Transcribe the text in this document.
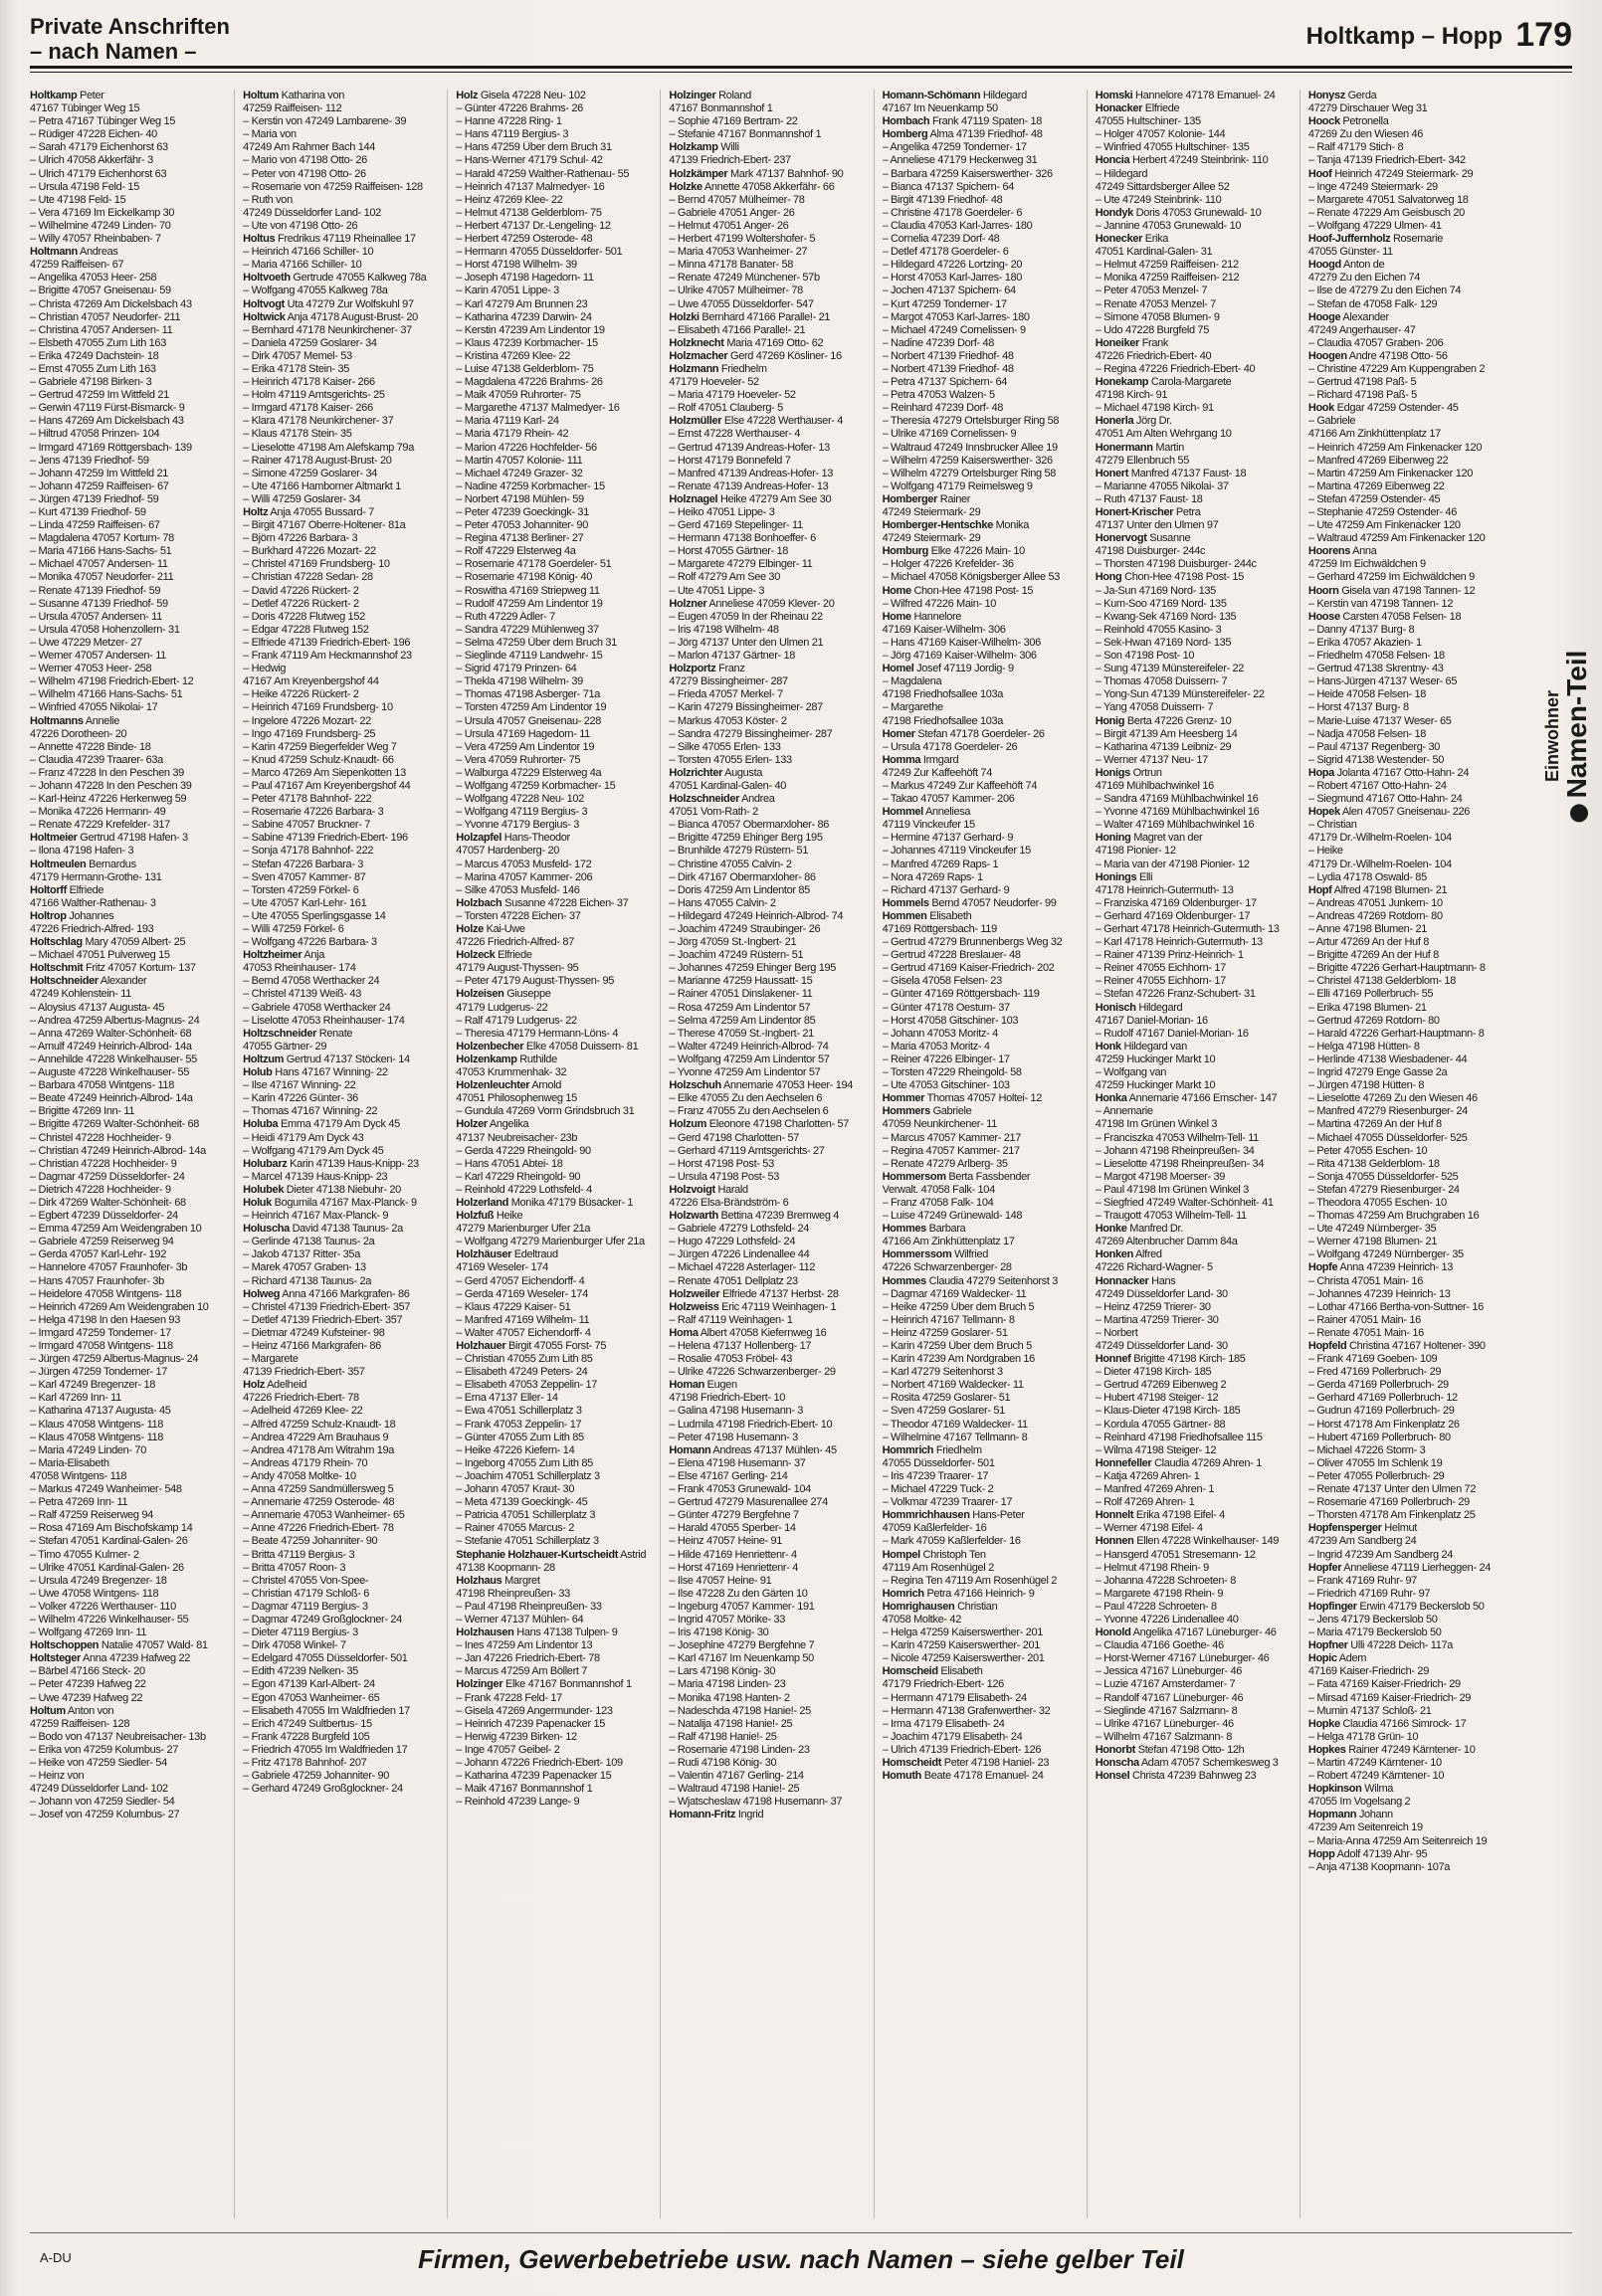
Private Anschriften
– nach Namen –
Holtkamp – Hopp 179
Holtkamp Peter
47167 Tübinger Weg 15
– Petra 47167 Tübinger Weg 15
– Rüdiger 47228 Eichen- 40
– Sarah 47179 Eichenhorst 63
– Ulrich 47058 Akkerfähr- 3
– Ulrich 47179 Eichenhorst 63
– Ursula 47198 Feld- 15
– Ute 47198 Feld- 15
– Vera 47169 Im Eickelkamp 30
– Wilhelmine 47249 Linden- 70
– Willy 47057 Rheinbaben- 7
Holtmann Andreas
47259 Raiffeisen- 67
– Angelika 47053 Heer- 258
– Brigitte 47057 Gneisenau- 59
– Christa 47269 Am Dickelsbach 43
– Christian 47057 Neudorfer- 211
– Christina 47057 Andersen- 11
– Elsbeth 47055 Zum Lith 163
– Erika 47249 Dachstein- 18
– Ernst 47055 Zum Lith 163
– Gabriele 47198 Birken- 3
– Gertrud 47259 Im Wittfeld 21
– Gerwin 47119 Fürst-Bismarck- 9
– Hans 47269 Am Dickelsbach 43
– Hiltrud 47058 Prinzen- 104
– Irmgard 47169 Röttgersbach- 139
– Jens 47139 Friedhof- 59
– Johann 47259 Im Wittfeld 21
– Johann 47259 Raiffeisen- 67
– Jürgen 47139 Friedhof- 59
– Kurt 47139 Friedhof- 59
– Linda 47259 Raiffeisen- 67
– Magdalena 47057 Kortum- 78
– Maria 47166 Hans-Sachs- 51
– Michael 47057 Andersen- 11
– Monika 47057 Neudorfer- 211
– Renate 47139 Friedhof- 59
– Susanne 47139 Friedhof- 59
– Ursula 47057 Andersen- 11
– Ursula 47058 Hohenzollern- 31
– Uwe 47229 Metzer- 27
– Werner 47057 Andersen- 11
– Werner 47053 Heer- 258
– Wilhelm 47198 Friedrich-Ebert- 12
– Wilhelm 47166 Hans-Sachs- 51
– Winfried 47055 Nikolai- 17
Holtmanns Annelie
47226 Dorotheen- 20
– Annette 47228 Binde- 18
– Claudia 47239 Traarer- 63a
– Franz 47228 In den Peschen 39
– Johann 47228 In den Peschen 39
– Karl-Heinz 47226 Herkenweg 59
– Monika 47226 Hermann- 49
– Renate 47229 Krefelder- 317
Holtmeier Gertrud 47198 Hafen- 3
– Ilona 47198 Hafen- 3
Holtmeulen Bernardus
47179 Hermann-Grothe- 131
Holtorff Elfriede
47166 Walther-Rathenau- 3
Holtrop Johannes
47226 Friedrich-Alfred- 193
Holtschlag Mary 47059 Albert- 25
– Michael 47051 Pulverweg 15
Holtschmit Fritz 47057 Kortum- 137
Holtschneider Alexander
47249 Kohlenstein- 11
– Aloysius 47137 Augusta- 45
– Andrea 47259 Albertus-Magnus- 24
– Anna 47269 Walter-Schönheit- 68
– Arnulf 47249 Heinrich-Albrod- 14a
– Annehilde 47228 Winkelhauser- 55
– Auguste 47228 Winkelhauser- 55
– Barbara 47058 Wintgens- 118
– Beate 47249 Heinrich-Albrod- 14a
– Brigitte 47269 Inn- 11
– Brigitte 47269 Walter-Schönheit- 68
– Christel 47228 Hochheider- 9
– Christian 47249 Heinrich-Albrod- 14a
– Christian 47228 Hochheider- 9
– Dagmar 47259 Düsseldorfer- 24
– Dietrich 47228 Hochheider- 9
– Dirk 47269 Walter-Schönheit- 68
– Egbert 47239 Düsseldorfer- 24
– Emma 47259 Am Weidengraben 10
– Gabriele 47259 Reiserweg 94
– Gerda 47057 Karl-Lehr- 192
– Hannelore 47057 Fraunhofer- 3b
– Hans 47057 Fraunhofer- 3b
– Heidelore 47058 Wintgens- 118
– Heinrich 47269 Am Weidengraben 10
– Helga 47198 In den Haesen 93
– Irmgard 47259 Tonderner- 17
– Irmgard 47058 Wintgens- 118
– Jürgen 47259 Albertus-Magnus- 24
– Jürgen 47259 Tonderner- 17
– Karl 47249 Bregenzer- 18
– Karl 47269 Inn- 11
– Katharina 47137 Augusta- 45
– Klaus 47058 Wintgens- 118
– Klaus 47058 Wintgens- 118
– Maria 47249 Linden- 70
– Maria-Elisabeth
47058 Wintgens- 118
– Markus 47249 Wanheimer- 548
– Petra 47269 Inn- 11
– Ralf 47259 Reiserweg 94
– Rosa 47169 Am Bischofskamp 14
– Stefan 47051 Kardinal-Galen- 26
– Timo 47055 Kulmer- 2
– Ulrike 47051 Kardinal-Galen- 26
– Ursula 47249 Bregenzer- 18
– Uwe 47058 Wintgens- 118
– Volker 47226 Werthauser- 110
– Wilhelm 47226 Winkelhauser- 55
– Wolfgang 47269 Inn- 11
Holtschoppen Natalie 47057 Wald- 81
Holtsteger Anna 47239 Hafweg 22
– Bärbel 47166 Steck- 20
– Peter 47239 Hafweg 22
– Uwe 47239 Hafweg 22
Holtum Anton von
47259 Raiffeisen- 128
– Bodo von 47137 Neubreisacher- 13b
– Erika von 47259 Kolumbus- 27
– Heike von 47259 Siedler- 54
– Heinz von
47249 Düsseldorfer Land- 102
– Johann von 47259 Siedler- 54
– Josef von 47259 Kolumbus- 27
Holtum Katharina von
47259 Raiffeisen- 112
– Kerstin von 47249 Lambarene- 39
– Maria von
47249 Am Rahmer Bach 144
– Mario von 47198 Otto- 26
– Peter von 47198 Otto- 26
– Rosemarie von 47259 Raiffeisen- 128
– Ruth von
47249 Düsseldorfer Land- 102
– Ute von 47198 Otto- 26
Holtus Fredrikus 47119 Rheinallee 17
– Heinrich 47166 Schiller- 10
– Maria 47166 Schiller- 10
Holtvoeth Gertrude 47055 Kalkweg 78a
– Wolfgang 47055 Kalkweg 78a
Holtvogt Uta 47279 Zur Wolfskuhl 97
Holtwick Anja 47178 August-Brust- 20
– Bernhard 47178 Neunkirchener- 37
– Daniela 47259 Goslarer- 34
– Dirk 47057 Memel- 53
– Erika 47178 Stein- 35
– Heinrich 47178 Kaiser- 266
– Holm 47119 Amtsgerichts- 25
– Irmgard 47178 Kaiser- 266
– Klara 47178 Neunkirchener- 37
– Klaus 47178 Stein- 35
– Lieselotte 47198 Am Alefskamp 79a
– Rainer 47178 August-Brust- 20
– Simone 47259 Goslarer- 34
– Ute 47166 Hamborner Altmarkt 1
– Willi 47259 Goslarer- 34
Holtz Anja 47055 Bussard- 7
– Birgit 47167 Oberre-Holtener- 81a
– Björn 47226 Barbara- 3
– Burkhard 47226 Mozart- 22
– Christel 47169 Frundsberg- 10
– Christian 47228 Sedan- 28
– David 47226 Rückert- 2
– Detlef 47226 Rückert- 2
– Doris 47228 Flutweg 152
– Edgar 47228 Flutweg 152
– Elfriede 47139 Friedrich-Ebert- 196
– Frank 47119 Am Heckmannshof 23
– Hedwig
47167 Am Kreyenbergshof 44
– Heike 47226 Rückert- 2
– Heinrich 47169 Frundsberg- 10
– Ingelore 47226 Mozart- 22
– Ingo 47169 Frundsberg- 25
– Karin 47259 Biegerfelder Weg 7
– Knud 47259 Schulz-Knaudt- 66
– Marco 47269 Am Siepenkotten 13
– Paul 47167 Am Kreyenbergshof 44
– Peter 47178 Bahnhof- 222
– Rosemarie 47226 Barbara- 3
– Sabine 47057 Bruckner- 7
– Sabine 47139 Friedrich-Ebert- 196
– Sonja 47178 Bahnhof- 222
– Stefan 47226 Barbara- 3
– Sven 47057 Kammer- 87
– Torsten 47259 Förkel- 6
– Ute 47057 Karl-Lehr- 161
– Ute 47055 Sperlingsgasse 14
– Willi 47259 Förkel- 6
– Wolfgang 47226 Barbara- 3
Holtzheimer Anja
47053 Rheinhauser- 174
– Bernd 47058 Werthacker 24
– Christel 47139 Weiß- 43
– Gabriele 47058 Werthacker 24
– Liselotte 47053 Rheinhauser- 174
Holtzschneider Renate
47055 Gärtner- 29
Holtzum Gertrud 47137 Stöcken- 14
Holub Hans 47167 Winning- 22
– Ilse 47167 Winning- 22
– Karin 47226 Günter- 36
– Thomas 47167 Winning- 22
Holuba Emma 47179 Am Dyck 45
– Heidi 47179 Am Dyck 43
– Wolfgang 47179 Am Dyck 45
Holubarz Karin 47139 Haus-Knipp- 23
– Marcel 47139 Haus-Knipp- 23
Holubek Dieter 47138 Niebuhr- 20
Holuk Bogumila 47167 Max-Planck- 9
– Heinrich 47167 Max-Planck- 9
Holuscha David 47138 Taunus- 2a
– Gerlinde 47138 Taunus- 2a
– Jakob 47137 Ritter- 35a
– Marek 47057 Graben- 13
– Richard 47138 Taunus- 2a
Holweg Anna 47166 Markgrafen- 86
– Christel 47139 Friedrich-Ebert- 357
– Detlef 47139 Friedrich-Ebert- 357
– Dietmar 47249 Kufsteiner- 98
– Heinz 47166 Markgrafen- 86
– Margarete
47139 Friedrich-Ebert- 357
Holz Adelheid
47226 Friedrich-Ebert- 78
– Adelheid 47269 Klee- 22
– Alfred 47259 Schulz-Knaudt- 18
– Andrea 47229 Am Brauhaus 9
– Andrea 47178 Am Witrahm 19a
– Andreas 47179 Rhein- 70
– Andy 47058 Moltke- 10
– Anna 47259 Sandmüllersweg 5
– Annemarie 47259 Osterode- 48
– Annemarie 47053 Wanheimer- 65
– Anne 47226 Friedrich-Ebert- 78
– Beate 47259 Johanniter- 90
– Britta 47119 Bergius- 3
– Britta 47057 Roon- 3
– Christel 47055 Von-Spee-
– Christian 47179 Schloß- 6
– Dagmar 47119 Bergius- 3
– Dagmar 47249 Großglockner- 24
– Dieter 47119 Bergius- 3
– Dirk 47058 Winkel- 7
– Edelgard 47055 Düsseldorfer- 501
– Edith 47239 Nelken- 35
– Egon 47139 Karl-Albert- 24
– Egon 47053 Wanheimer- 65
– Elisabeth 47055 Im Waldfrieden 17
– Erich 47249 Sultbertus- 15
– Frank 47228 Burgfeld 105
– Friedrich 47055 Im Waldfrieden 17
– Fritz 47178 Bahnhof- 207
– Gabriele 47259 Johanniter- 90
– Gerhard 47249 Großglockner- 24
Holz Gisela 47228 Neu- 102
– Günter 47226 Brahms- 26
– Hanne 47228 Ring- 1
– Hans 47119 Bergius- 3
– Hans 47259 Über dem Bruch 31
– Hans-Werner 47179 Schul- 42
– Harald 47259 Walther-Rathenau- 55
– Heinrich 47137 Malmedyer- 16
– Heinz 47269 Klee- 22
– Helmut 47138 Gelderblom- 75
– Herbert 47137 Dr.-Lengeling- 12
– Herbert 47259 Osterode- 48
– Hermann 47055 Düsseldorfer- 501
– Horst 47198 Wilhelm- 39
– Joseph 47198 Hagedorn- 11
– Karin 47051 Lippe- 3
– Karl 47279 Am Brunnen 23
– Katharina 47239 Darwin- 24
– Kerstin 47239 Am Lindentor 19
– Klaus 47239 Korbmacher- 15
– Kristina 47269 Klee- 22
– Luise 47138 Gelderblom- 75
– Magdalena 47226 Brahms- 26
– Maik 47059 Ruhrorter- 75
– Margarethe 47137 Malmedyer- 16
– Maria 47119 Karl- 24
– Maria 47179 Rhein- 42
– Marion 47226 Hochfelder- 56
– Martin 47057 Kolonie- 111
– Michael 47249 Grazer- 32
– Nadine 47259 Korbmacher- 15
– Norbert 47198 Mühlen- 59
– Peter 47239 Goeckingk- 31
– Peter 47053 Johanniter- 90
– Regina 47138 Berliner- 27
– Rolf 47229 Elsterweg 4a
– Rosemarie 47178 Goerdeler- 51
– Rosemarie 47198 König- 40
– Roswitha 47169 Striepweg 11
– Rudolf 47259 Am Lindentor 19
– Ruth 47229 Adler- 7
– Sandra 47229 Mühlenweg 37
– Selma 47259 Über dem Bruch 31
– Sieglinde 47119 Landwehr- 15
– Sigrid 47179 Prinzen- 64
– Thekla 47198 Wilhelm- 39
– Thomas 47198 Asberger- 71a
– Torsten 47259 Am Lindentor 19
– Ursula 47057 Gneisenau- 228
– Ursula 47169 Hagedorn- 11
– Vera 47259 Am Lindentor 19
– Vera 47059 Ruhrorter- 75
– Walburga 47229 Elsterweg 4a
– Wolfgang 47259 Korbmacher- 15
– Wolfgang 47228 Neu- 102
– Wolfgang 47119 Bergius- 3
– Yvonne 47179 Bergius- 3
Holzapfel Hans-Theodor
47057 Hardenberg- 20
– Marcus 47053 Musfeld- 172
– Marina 47057 Kammer- 206
– Silke 47053 Musfeld- 146
Holzbach Susanne 47228 Eichen- 37
– Torsten 47228 Eichen- 37
Holze Kai-Uwe
47226 Friedrich-Alfred- 87
Holzeck Elfriede
47179 August-Thyssen- 95
– Peter 47179 August-Thyssen- 95
Holzeisen Giuseppe
47179 Ludgerus- 22
– Ralf 47179 Ludgerus- 22
– Theresia 47179 Hermann-Löns- 4
Holzenbecher Elke 47058 Duissern- 81
Holzenkamp Ruthilde
47053 Krummenhak- 32
Holzenleuchter Arnold
47051 Philosophenweg 15
– Gundula 47269 Vorm Grindsbruch 31
Holzer Angelika
47137 Neubreisacher- 23b
– Gerda 47229 Rheingold- 90
– Hans 47051 Abtei- 18
– Karl 47229 Rheingold- 90
– Reinhold 47229 Lothsfeld- 4
Holzerland Monika 47179 Büsacker- 1
Holzfuß Heike
47279 Marienburger Ufer 21a
– Wolfgang 47279 Marienburger Ufer 21a
Holzhäuser Edeltraud
47169 Weseler- 174
– Gerd 47057 Eichendorff- 4
– Gerda 47169 Weseler- 174
– Klaus 47229 Kaiser- 51
– Manfred 47169 Wilhelm- 11
– Walter 47057 Eichendorff- 4
Holzhauer Birgit 47055 Forst- 75
– Christian 47055 Zum Lith 85
– Elisabeth 47249 Peters- 24
– Elisabeth 47053 Zeppelin- 17
– Erna 47137 Eller- 14
– Ewa 47051 Schillerplatz 3
– Frank 47053 Zeppelin- 17
– Günter 47055 Zum Lith 85
– Heike 47226 Kiefern- 14
– Ingeborg 47055 Zum Lith 85
– Joachim 47051 Schillerplatz 3
– Johann 47057 Kraut- 30
– Meta 47139 Goeckingk- 45
– Patricia 47051 Schillerplatz 3
– Rainer 47055 Marcus- 2
– Stefanie 47051 Schillerplatz 3
Stephanie Holzhauer-Kurtscheidt Astrid
47138 Koopmann- 28
Holzhaus Margret
47198 Rheinpreußen- 33
– Paul 47198 Rheinpreußen- 33
– Werner 47137 Mühlen- 64
Holzhausen Hans 47138 Tulpen- 9
– Ines 47259 Am Lindentor 13
– Jan 47226 Friedrich-Ebert- 78
– Marcus 47259 Am Böllert 7
Holzinger Elke 47167 Bonmannshof 1
– Frank 47228 Feld- 17
– Gisela 47269 Angermunder- 123
– Heinrich 47239 Papenacker 15
– Herwig 47239 Birken- 12
– Inge 47057 Geibel- 2
– Johann 47226 Friedrich-Ebert- 109
– Katharina 47239 Papenacker 15
– Maik 47167 Bonmannshof 1
– Reinhold 47239 Lange- 9
Holzinger Roland
47167 Bonmannshof 1
– Sophie 47169 Bertram- 22
– Stefanie 47167 Bonmannshof 1
Holzkamp Willi
47139 Friedrich-Ebert- 237
Holzkämper Mark 47137 Bahnhof- 90
Holzke Annette 47058 Akkerfähr- 66
– Bernd 47057 Mülheimer- 78
– Gabriele 47051 Anger- 26
– Helmut 47051 Anger- 26
– Herbert 47199 Woltershofer- 5
– Maria 47053 Wanheimer- 27
– Minna 47178 Banater- 58
– Renate 47249 Münchener- 57b
– Ulrike 47057 Mülheimer- 78
– Uwe 47055 Düsseldorfer- 547
Holzki Bernhard 47166 Paralle!- 21
– Elisabeth 47166 Paralle!- 21
Holzknecht Maria 47169 Otto- 62
Holzmacher Gerd 47269 Kösliner- 16
Holzmann Friedhelm
47179 Hoeveler- 52
– Maria 47179 Hoeveler- 52
– Rolf 47051 Clauberg- 5
Holzmüller Else 47228 Werthauser- 4
– Ernst 47228 Werthauser- 4
– Gertrud 47139 Andreas-Hofer- 13
– Horst 47179 Bonnefeld 7
– Manfred 47139 Andreas-Hofer- 13
– Renate 47139 Andreas-Hofer- 13
Holznagel Heike 47279 Am See 30
– Heiko 47051 Lippe- 3
– Gerd 47169 Stepelinger- 11
– Hermann 47138 Bonhoeffer- 6
– Horst 47055 Gärtner- 18
– Margarete 47279 Elbinger- 11
– Rolf 47279 Am See 30
– Ute 47051 Lippe- 3
Holzner Anneliese 47059 Klever- 20
– Eugen 47059 In der Rheinau 22
– Iris 47198 Wilhelm- 48
– Jörg 47137 Unter den Ulmen 21
– Marlon 47137 Gärtner- 18
Holzportz Franz
47279 Bissingheimer- 287
– Frieda 47057 Merkel- 7
– Karin 47279 Bissingheimer- 287
– Markus 47053 Köster- 2
– Sandra 47279 Bissingheimer- 287
– Silke 47055 Erlen- 133
– Torsten 47055 Erlen- 133
Holzrichter Augusta
47051 Kardinal-Galen- 40
Holzschneider Andrea
47051 Vom-Rath- 2
– Bianca 47057 Obermarxloher- 86
– Brigitte 47259 Ehinger Berg 195
– Brunhilde 47279 Rüstern- 51
– Christine 47055 Calvin- 2
– Dirk 47167 Obermarxloher- 86
– Doris 47259 Am Lindentor 85
– Hans 47055 Calvin- 2
– Hildegard 47249 Heinrich-Albrod- 74
– Joachim 47249 Straubinger- 26
– Jörg 47059 St.-Ingbert- 21
– Joachim 47249 Rüstern- 51
– Johannes 47259 Ehinger Berg 195
– Marianne 47259 Haussatt- 15
– Rainer 47051 Dinslakener- 11
– Rosa 47259 Am Lindentor 57
– Selma 47259 Am Lindentor 85
– Therese 47059 St.-Ingbert- 21
– Walter 47249 Heinrich-Albrod- 74
– Wolfgang 47259 Am Lindentor 57
– Yvonne 47259 Am Lindentor 57
Holzschuh Annemarie 47053 Heer- 194
– Elke 47055 Zu den Aechselen 6
– Franz 47055 Zu den Aechselen 6
Holzum Eleonore 47198 Charlotten- 57
– Gerd 47198 Charlotten- 57
– Gerhard 47119 Amtsgerichts- 27
– Horst 47198 Post- 53
– Ursula 47198 Post- 53
Holzvoigt Harald
47226 Elsa-Brändström- 6
Holzwarth Bettina 47239 Bremweg 4
– Gabriele 47279 Lothsfeld- 24
– Hugo 47229 Lothsfeld- 24
– Jürgen 47226 Lindenallee 44
– Michael 47228 Asterlager- 112
– Renate 47051 Dellplatz 23
Holzweiler Elfriede 47137 Herbst- 28
Holzweiss Eric 47119 Weinhagen- 1
– Ralf 47119 Weinhagen- 1
Homa Albert 47058 Kiefernweg 16
– Helena 47137 Hollenberg- 17
– Rosalie 47053 Fröbel- 43
– Ulrike 47226 Schwarzenberger- 29
Homan Eugen
47198 Friedrich-Ebert- 10
– Galina 47198 Husemann- 3
– Ludmila 47198 Friedrich-Ebert- 10
– Peter 47198 Husemann- 3
Homann Andreas 47137 Mühlen- 45
– Elena 47198 Husemann- 37
– Else 47167 Gerling- 214
– Frank 47053 Grunewald- 104
– Gertrud 47279 Masurenallee 274
– Günter 47279 Bergfehne 7
– Harald 47055 Sperber- 14
– Heinz 47057 Heine- 91
– Hilde 47169 Henriettenr- 4
– Horst 47169 Henriettenr- 4
– Ilse 47057 Heine- 91
– Ilse 47228 Zu den Gärten 10
– Ingeburg 47057 Kammer- 191
– Ingrid 47057 Mörike- 33
– Iris 47198 König- 30
– Josephine 47279 Bergfehne 7
– Karl 47167 Im Neuenkamp 50
– Lars 47198 König- 30
– Maria 47198 Linden- 23
– Monika 47198 Hanten- 2
– Nadeschda 47198 Hanie!- 25
– Natalija 47198 Hanie!- 25
– Ralf 47198 Hanie!- 25
– Rosemarie 47198 Linden- 23
– Rudi 47198 König- 30
– Valentin 47167 Gerling- 214
– Waltraud 47198 Hanie!- 25
– Wjatscheslaw 47198 Husemann- 37
Homann-Fritz Ingrid
Homann-Schömann Hildegard
47167 Im Neuenkamp 50
Hombach Frank 47119 Spaten- 18
Homberg Alma 47139 Friedhof- 48
– Angelika 47259 Tonderner- 17
– Anneliese 47179 Heckenweg 31
– Barbara 47259 Kaiserswerther- 326
– Bianca 47137 Spichern- 64
– Birgit 47139 Friedhof- 48
– Christine 47178 Goerdeler- 6
– Claudia 47053 Karl-Jarres- 180
– Cornelia 47239 Dorf- 48
– Detlef 47178 Goerdeler- 6
– Hildegard 47226 Lortzing- 20
– Horst 47053 Karl-Jarres- 180
– Jochen 47137 Spichern- 64
– Kurt 47259 Tonderner- 17
– Margot 47053 Karl-Jarres- 180
– Michael 47249 Cornelissen- 9
– Nadine 47239 Dorf- 48
– Norbert 47139 Friedhof- 48
– Norbert 47139 Friedhof- 48
– Petra 47137 Spichern- 64
– Petra 47053 Walzen- 5
– Reinhard 47239 Dorf- 48
– Theresia 47279 Ortelsburger Ring 58
– Ulrike 47169 Cornelissen- 9
– Waltraud 47249 Innsbrucker Allee 19
– Wilhelm 47259 Kaiserswerther- 326
– Wilhelm 47279 Ortelsburger Ring 58
– Wolfgang 47179 Reimelsweg 9
Homberger Rainer
47249 Steiermark- 29
Homberger-Hentschke Monika
47249 Steiermark- 29
Homburg Elke 47226 Main- 10
– Holger 47226 Krefelder- 36
– Michael 47058 Königsberger Allee 53
Home Chon-Hee 47198 Post- 15
– Wilfred 47226 Main- 10
Home Hannelore
47169 Kaiser-Wilhelm- 306
– Hans 47169 Kaiser-Wilhelm- 306
– Jörg 47169 Kaiser-Wilhelm- 306
Homel Josef 47119 Jordig- 9
– Magdalena
47198 Friedhofsallee 103a
– Margarethe
47198 Friedhofsallee 103a
Homer Stefan 47178 Goerdeler- 26
– Ursula 47178 Goerdeler- 26
Homma Irmgard
47249 Zur Kaffeehöft 74
– Markus 47249 Zur Kaffeehöft 74
– Takao 47057 Kammer- 206
Hommel Anneliesa
47119 Vinckeufer 15
– Hermine 47137 Gerhard- 9
– Johannes 47119 Vinckeufer 15
– Manfred 47269 Raps- 1
– Nora 47269 Raps- 1
– Richard 47137 Gerhard- 9
Hommels Bernd 47057 Neudorfer- 99
Hommen Elisabeth
47169 Röttgersbach- 119
– Gertrud 47279 Brunnenbergs Weg 32
– Gertrud 47228 Breslauer- 48
– Gertrud 47169 Kaiser-Friedrich- 202
– Gisela 47058 Felsen- 23
– Günter 47169 Röttgersbach- 119
– Günter 47178 Oestum- 37
– Horst 47058 Gitschiner- 103
– Johann 47053 Moritz- 4
– Maria 47053 Moritz- 4
– Reiner 47226 Elbinger- 17
– Torsten 47229 Rheingold- 58
– Ute 47053 Gitschiner- 103
Hommer Thomas 47057 Holtei- 12
Hommers Gabriele
47059 Neunkirchener- 11
– Marcus 47057 Kammer- 217
– Regina 47057 Kammer- 217
– Renate 47279 Arlberg- 35
Hommersom Berta Fassbender
Verwalt. 47058 Falk- 104
– Franz 47058 Falk- 104
– Luise 47249 Grünewald- 148
Hommes Barbara
47166 Am Zinkhüttenplatz 17
Hommerssom Wilfried
47226 Schwarzenberger- 28
Hommes Claudia 47279 Seitenhorst 3
– Dagmar 47169 Waldecker- 11
– Heike 47259 Über dem Bruch 5
– Heinrich 47167 Tellmann- 8
– Heinz 47259 Goslarer- 51
– Karin 47259 Über dem Bruch 5
– Karin 47239 Am Nordgraben 16
– Karl 47279 Seitenhorst 3
– Norbert 47169 Waldecker- 11
– Rosita 47259 Goslarer- 51
– Sven 47259 Goslarer- 51
– Theodor 47169 Waldecker- 11
– Wilhelmine 47167 Tellmann- 8
Hommrich Friedhelm
47055 Düsseldorfer- 501
– Iris 47239 Traarer- 17
– Michael 47229 Tuck- 2
– Volkmar 47239 Traarer- 17
Hommrichhausen Hans-Peter
47059 Kaßlerfelder- 16
– Mark 47059 Kaßlerfelder- 16
Hompel Christoph Ten
47119 Am Rosenhügel 2
– Regina Ten 47119 Am Rosenhügel 2
Homrich Petra 47166 Heinrich- 9
Homrighausen Christian
47058 Moltke- 42
– Helga 47259 Kaiserswerther- 201
– Karin 47259 Kaiserswerther- 201
– Nicole 47259 Kaiserswerther- 201
Homscheid Elisabeth
47179 Friedrich-Ebert- 126
– Hermann 47179 Elisabeth- 24
– Hermann 47138 Grafenwerther- 32
– Irma 47179 Elisabeth- 24
– Joachim 47179 Elisabeth- 24
– Ulrich 47139 Friedrich-Ebert- 126
Homscheidt Peter 47198 Haniel- 23
Homuth Beate 47178 Emanuel- 24
Homski Hannelore 47178 Emanuel- 24
Honacker Elfriede
47055 Hultschiner- 135
– Holger 47057 Kolonie- 144
– Winfried 47055 Hultschiner- 135
Honcia Herbert 47249 Steinbrink- 110
– Hildegard
47249 Sittardsberger Allee 52
– Ute 47249 Steinbrink- 110
Hondyk Doris 47053 Grunewald- 10
– Jannine 47053 Grunewald- 10
Honecker Erika
47051 Kardinal-Galen- 31
– Helmut 47259 Raiffeisen- 212
– Monika 47259 Raiffeisen- 212
– Peter 47053 Menzel- 7
– Renate 47053 Menzel- 7
– Simone 47058 Blumen- 9
– Udo 47228 Burgfeld 75
Honeiker Frank
47226 Friedrich-Ebert- 40
– Regina 47226 Friedrich-Ebert- 40
Honekamp Carola-Margarete
47198 Kirch- 91
– Michael 47198 Kirch- 91
Honerla Jörg Dr.
47051 Am Alten Wehrgang 10
Honermann Martin
47279 Ellenbruch 55
Honert Manfred 47137 Faust- 18
– Marianne 47055 Nikolai- 37
– Ruth 47137 Faust- 18
Honert-Krischer Petra
47137 Unter den Ulmen 97
Honervogt Susanne
47198 Duisburger- 244c
– Thorsten 47198 Duisburger- 244c
Hong Chon-Hee 47198 Post- 15
– Ja-Sun 47169 Nord- 135
– Kum-Soo 47169 Nord- 135
– Kwang-Sek 47169 Nord- 135
– Reinhold 47055 Kasino- 3
– Sek-Hwan 47169 Nord- 135
– Son 47198 Post- 10
– Sung 47139 Münstereifeler- 22
– Thomas 47058 Duissern- 7
– Yong-Sun 47139 Münstereifeler- 22
– Yang 47058 Duissern- 7
Honig Berta 47226 Grenz- 10
– Birgit 47139 Am Heesberg 14
– Katharina 47139 Leibniz- 29
– Werner 47137 Neu- 17
Honigs Ortrun
47169 Mühlbachwinkel 16
– Sandra 47169 Mühlbachwinkel 16
– Yvonne 47169 Mühlbachwinkel 16
– Walter 47169 Mühlbachwinkel 16
Honing Magret van der
47198 Pionier- 12
– Maria van der 47198 Pionier- 12
Honings Elli
47178 Heinrich-Gutermuth- 13
– Franziska 47169 Oldenburger- 17
– Gerhard 47169 Oldenburger- 17
– Gerhart 47178 Heinrich-Gutermuth- 13
– Karl 47178 Heinrich-Gutermuth- 13
– Rainer 47139 Prinz-Heinrich- 1
– Reiner 47055 Eichhorn- 17
– Reiner 47055 Eichhorn- 17
– Stefan 47226 Franz-Schubert- 31
Honisch Hildegard
47167 Daniel-Morian- 16
– Rudolf 47167 Daniel-Morian- 16
Honk Hildegard van
47259 Huckinger Markt 10
– Wolfgang van
47259 Huckinger Markt 10
Honka Annemarie 47166 Emscher- 147
– Annemarie
47198 Im Grünen Winkel 3
– Franciszka 47053 Wilhelm-Tell- 11
– Johann 47198 Rheinpreußen- 34
– Lieselotte 47198 Rheinpreußen- 34
– Margot 47198 Moerser- 39
– Paul 47198 Im Grünen Winkel 3
– Siegfried 47249 Walter-Schönheit- 41
– Traugott 47053 Wilhelm-Tell- 11
Honke Manfred Dr.
47269 Altenbrucher Damm 84a
Honken Alfred
47226 Richard-Wagner- 5
Honnacker Hans
47249 Düsseldorfer Land- 30
– Heinz 47259 Trierer- 30
– Martina 47259 Trierer- 30
– Norbert
47249 Düsseldorfer Land- 30
Honnef Brigitte 47198 Kirch- 185
– Dieter 47198 Kirch- 185
– Gertrud 47269 Eibenweg 2
– Hubert 47198 Steiger- 12
– Klaus-Dieter 47198 Kirch- 185
– Kordula 47055 Gärtner- 88
– Reinhard 47198 Friedhofsallee 115
– Wilma 47198 Steiger- 12
Honnefeller Claudia 47269 Ahren- 1
– Katja 47269 Ahren- 1
– Manfred 47269 Ahren- 1
– Rolf 47269 Ahren- 1
Honnelt Erika 47198 Eifel- 4
– Werner 47198 Eifel- 4
Honnen Ellen 47228 Winkelhauser- 149
– Hansgerd 47051 Stresemann- 12
– Helmut 47198 Rhein- 9
– Johanna 47228 Schroeten- 8
– Margarete 47198 Rhein- 9
– Paul 47228 Schroeten- 8
– Yvonne 47226 Lindenallee 40
Honold Angelika 47167 Lüneburger- 46
– Claudia 47166 Goethe- 46
– Horst-Werner 47167 Lüneburger- 46
– Jessica 47167 Lüneburger- 46
– Luzie 47167 Amsterdamer- 7
– Randolf 47167 Lüneburger- 46
– Sieglinde 47167 Salzmann- 8
– Ulrike 47167 Lüneburger- 46
– Wilhelm 47167 Salzmann- 8
Honorbt Stefan 47198 Otto- 12h
Honscha Adam 47057 Schemkesweg 3
Honsel Christa 47239 Bahnweg 23
Honysz Gerda
47279 Dirschauer Weg 31
Hoock Petronella
47269 Zu den Wiesen 46
– Ralf 47179 Stich- 8
– Tanja 47139 Friedrich-Ebert- 342
Hoof Heinrich 47249 Steiermark- 29
– Inge 47249 Steiermark- 29
– Margarete 47051 Salvatorweg 18
– Renate 47229 Am Geisbusch 20
– Wolfgang 47229 Ulmen- 41
Hoof-Juffernholz Rosemarie
47055 Günster- 11
Hoogd Anton de
47279 Zu den Eichen 74
– Ilse de 47279 Zu den Eichen 74
– Stefan de 47058 Falk- 129
Hooge Alexander
47249 Angerhauser- 47
– Claudia 47057 Graben- 206
Hoogen Andre 47198 Otto- 56
– Christine 47229 Am Kuppengraben 2
– Gertrud 47198 Paß- 5
– Richard 47198 Paß- 5
Hook Edgar 47259 Ostender- 45
– Gabriele
47166 Am Zinkhüttenplatz 17
– Heinrich 47259 Am Finkenacker 120
– Manfred 47269 Eibenweg 22
– Martin 47259 Am Finkenacker 120
– Martina 47269 Eibenweg 22
– Stefan 47259 Ostender- 45
– Stephanie 47259 Ostender- 46
– Ute 47259 Am Finkenacker 120
– Waltraud 47259 Am Finkenacker 120
Hoorens Anna
47259 Im Eichwäldchen 9
– Gerhard 47259 Im Eichwäldchen 9
Hoorn Gisela van 47198 Tannen- 12
– Kerstin van 47198 Tannen- 12
Hoose Carsten 47058 Felsen- 18
– Danny 47137 Burg- 8
– Erika 47057 Akazien- 1
– Friedhelm 47058 Felsen- 18
– Gertrud 47138 Skrentny- 43
– Hans-Jürgen 47137 Weser- 65
– Heide 47058 Felsen- 18
– Horst 47137 Burg- 8
– Marie-Luise 47137 Weser- 65
– Nadja 47058 Felsen- 18
– Paul 47137 Regenberg- 30
– Sigrid 47138 Westender- 50
Hopa Jolanta 47167 Otto-Hahn- 24
– Robert 47167 Otto-Hahn- 24
– Siegmund 47167 Otto-Hahn- 24
Hopek Alen 47057 Gneisenau- 226
– Christian
47179 Dr.-Wilhelm-Roelen- 104
– Heike
47179 Dr.-Wilhelm-Roelen- 104
– Lydia 47178 Oswald- 85
Hopf Alfred 47198 Blumen- 21
– Andreas 47051 Junkern- 10
– Andreas 47269 Rotdorn- 80
– Anne 47198 Blumen- 21
– Artur 47269 An der Huf 8
– Brigitte 47269 An der Huf 8
– Brigitte 47226 Gerhart-Hauptmann- 8
– Christel 47138 Gelderblom- 18
– Elli 47169 Pollerbruch- 55
– Erika 47198 Blumen- 21
– Gertrud 47269 Rotdorn- 80
– Harald 47226 Gerhart-Hauptmann- 8
– Helga 47198 Hütten- 8
– Herlinde 47138 Wiesbadener- 44
– Ingrid 47279 Enge Gasse 2a
– Jürgen 47198 Hütten- 8
– Lieselotte 47269 Zu den Wiesen 46
– Manfred 47279 Riesenburger- 24
– Martina 47269 An der Huf 8
– Michael 47055 Düsseldorfer- 525
– Peter 47055 Eschen- 10
– Rita 47138 Gelderblom- 18
– Sonja 47055 Düsseldorfer- 525
– Stefan 47279 Riesenburger- 24
– Theodora 47055 Eschen- 10
– Thomas 47259 Am Bruchgraben 16
– Ute 47249 Nürnberger- 35
– Werner 47198 Blumen- 21
– Wolfgang 47249 Nürnberger- 35
Hopfe Anna 47239 Heinrich- 13
– Christa 47051 Main- 16
– Johannes 47239 Heinrich- 13
– Lothar 47166 Bertha-von-Suttner- 16
– Rainer 47051 Main- 16
– Renate 47051 Main- 16
Hopfeld Christina 47167 Holtener- 390
– Frank 47169 Goeben- 109
– Fred 47169 Pollerbruch- 29
– Gerda 47169 Pollerbruch- 29
– Gerhard 47169 Pollerbruch- 12
– Gudrun 47169 Pollerbruch- 29
– Horst 47178 Am Finkenplatz 26
– Hubert 47169 Pollerbruch- 80
– Michael 47226 Storm- 3
– Oliver 47055 Im Schlenk 19
– Peter 47055 Pollerbruch- 29
– Renate 47137 Unter den Ulmen 72
– Rosemarie 47169 Pollerbruch- 29
– Thorsten 47178 Am Finkenplatz 25
Hopfensperger Helmut
47239 Am Sandberg 24
– Ingrid 47239 Am Sandberg 24
Hopfer Anneliese 47119 Lierheggen- 24
– Frank 47169 Ruhr- 97
– Friedrich 47169 Ruhr- 97
Hopfinger Erwin 47179 Beckerslob 50
– Jens 47179 Beckerslob 50
– Maria 47179 Beckerslob 50
Hopfner Ulli 47228 Deich- 117a
Hopic Adem
47169 Kaiser-Friedrich- 29
– Fata 47169 Kaiser-Friedrich- 29
– Mirsad 47169 Kaiser-Friedrich- 29
– Mumin 47137 Schloß- 21
Hopke Claudia 47166 Simrock- 17
– Helga 47178 Grün- 10
Hopkes Rainer 47249 Kärntener- 10
– Martin 47249 Kärntener- 10
– Robert 47249 Kärntener- 10
Hopkinson Wilma
47055 Im Vogelsang 2
Hopmann Johann
47239 Am Seitenreich 19
– Maria-Anna 47259 Am Seitenreich 19
Hopp Adolf 47139 Ahr- 95
– Anja 47138 Koopmann- 107a
Einwohner Namen-Teil
A-DU	Firmen, Gewerbebetriebe usw. nach Namen – siehe gelber Teil
